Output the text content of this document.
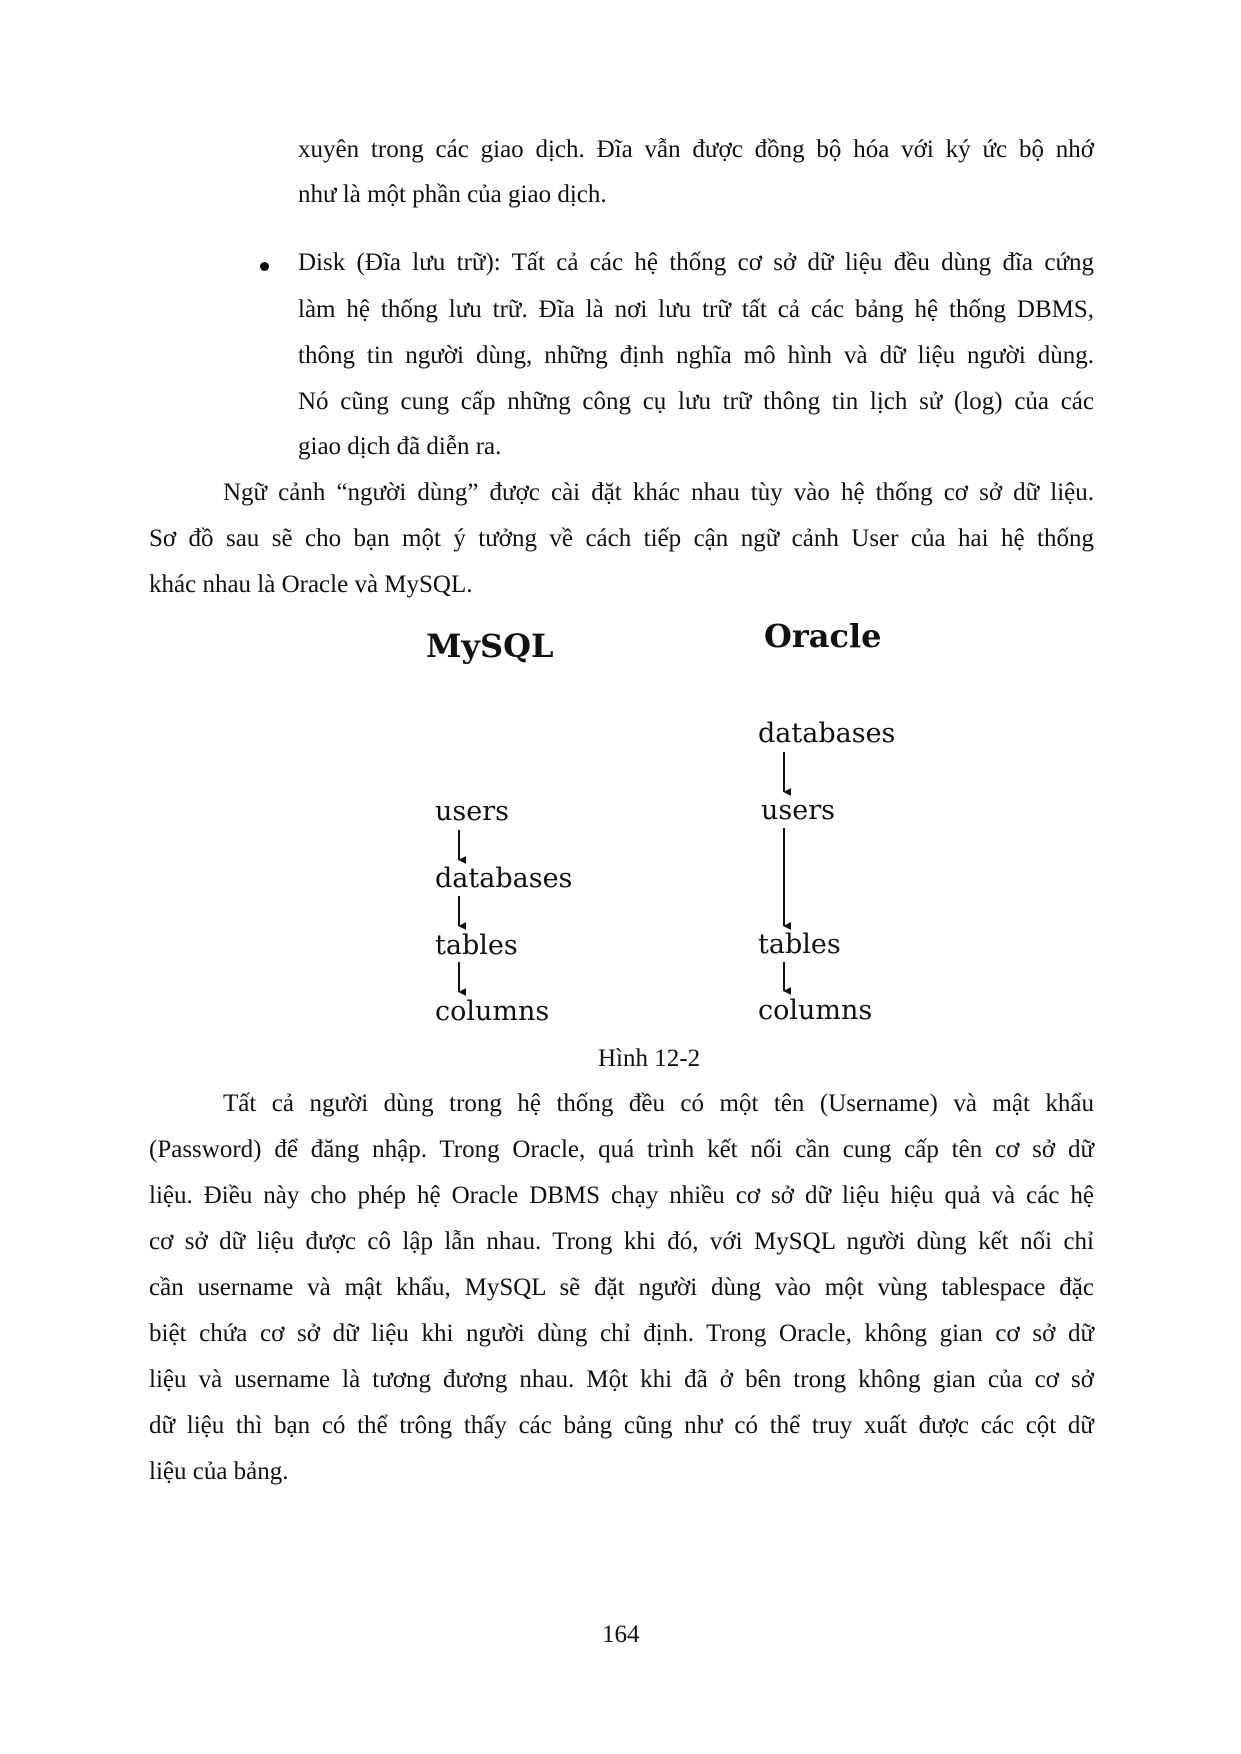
xuyên trong các giao dịch. Đĩa vẫn được đồng bộ hóa với ký ức bộ nhớ
như là một phần của giao dịch.
Disk (Đĩa lưu trữ): Tất cả các hệ thống cơ sở dữ liệu đều dùng đĩa cứng
làm hệ thống lưu trữ. Đĩa là nơi lưu trữ tất cả các bảng hệ thống DBMS,
thông tin người dùng, những định nghĩa mô hình và dữ liệu người dùng.
Nó cũng cung cấp những công cụ lưu trữ thông tin lịch sử (log) của các
giao dịch đã diễn ra.
Ngữ cảnh “người dùng” được cài đặt khác nhau tùy vào hệ thống cơ sở dữ liệu.
Sơ đồ sau sẽ cho bạn một ý tưởng về cách tiếp cận ngữ cảnh User của hai hệ thống
khác nhau là Oracle và MySQL.
MySQL
users
databases
tables
columns
Oracle
databases
users
tables
columns
Hình 12-2
Tất cả người dùng trong hệ thống đều có một tên (Username) và mật khẩu
(Password) để đăng nhập. Trong Oracle, quá trình kết nối cần cung cấp tên cơ sở dữ
liệu. Điều này cho phép hệ Oracle DBMS chạy nhiều cơ sở dữ liệu hiệu quả và các hệ
cơ sở dữ liệu được cô lập lẫn nhau. Trong khi đó, với MySQL người dùng kết nối chỉ
cần username và mật khẩu, MySQL sẽ đặt người dùng vào một vùng tablespace đặc
biệt chứa cơ sở dữ liệu khi người dùng chỉ định. Trong Oracle, không gian cơ sở dữ
liệu và username là tương đương nhau. Một khi đã ở bên trong không gian của cơ sở
dữ liệu thì bạn có thể trông thấy các bảng cũng như có thể truy xuất được các cột dữ
liệu của bảng.
164
